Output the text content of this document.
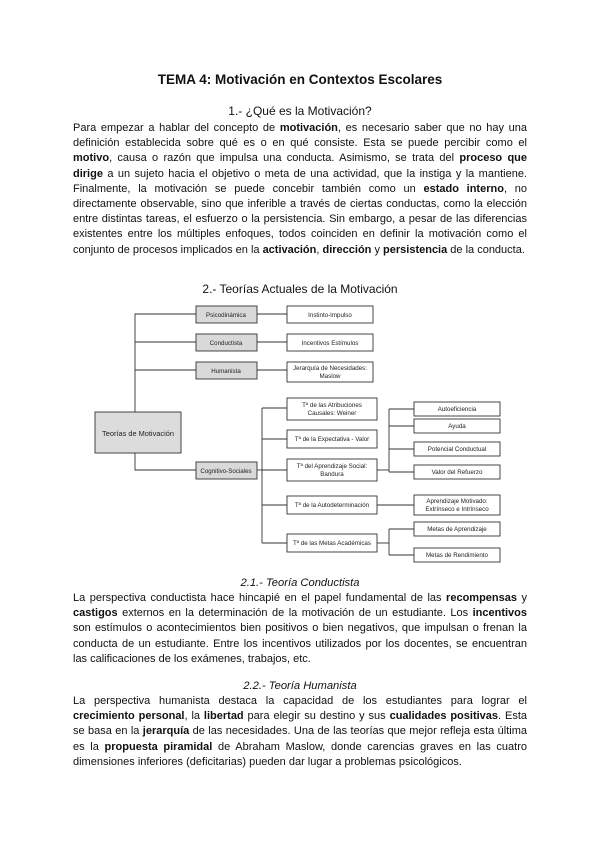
TEMA 4: Motivación en Contextos Escolares
1.- ¿Qué es la Motivación?
Para empezar a hablar del concepto de motivación, es necesario saber que no hay una definición establecida sobre qué es o en qué consiste. Esta se puede percibir como el motivo, causa o razón que impulsa una conducta. Asimismo, se trata del proceso que dirige a un sujeto hacia el objetivo o meta de una actividad, que la instiga y la mantiene. Finalmente, la motivación se puede concebir también como un estado interno, no directamente observable, sino que inferible a través de ciertas conductas, como la elección entre distintas tareas, el esfuerzo o la persistencia. Sin embargo, a pesar de las diferencias existentes entre los múltiples enfoques, todos coinciden en definir la motivación como el conjunto de procesos implicados en la activación, dirección y persistencia de la conducta.
2.- Teorías Actuales de la Motivación
Teorías de Motivación
Psicodinámica
Conductista
Humanista
Cognitivo-Sociales
Instinto-Impulso
Incentivos Estímulos
Jerarquía de Necesidades:
Maslow
Tª de las Atribuciones
Causales: Weiner
Tª de la Expectativa - Valor
Tª del Aprendizaje Social:
Bandura
Tª de la Autodeterminación
Tª de las Metas Académicas
Autoeficiencia
Ayuda
Potencial Conductual
Valor del Refuerzo
Aprendizaje Motivado:
Extrínseco e Intrínseco
Metas de Aprendizaje
Metas de Rendimiento
2.1.- Teoría Conductista
La perspectiva conductista hace hincapié en el papel fundamental de las recompensas y castigos externos en la determinación de la motivación de un estudiante. Los incentivos son estímulos o acontecimientos bien positivos o bien negativos, que impulsan o frenan la conducta de un estudiante. Entre los incentivos utilizados por los docentes, se encuentran las calificaciones de los exámenes, trabajos, etc.
2.2.- Teoría Humanista
La perspectiva humanista destaca la capacidad de los estudiantes para lograr el crecimiento personal, la libertad para elegir su destino y sus cualidades positivas. Esta se basa en la jerarquía de las necesidades. Una de las teorías que mejor refleja esta última es la propuesta piramidal de Abraham Maslow, donde carencias graves en las cuatro dimensiones inferiores (deficitarias) pueden dar lugar a problemas psicológicos.
